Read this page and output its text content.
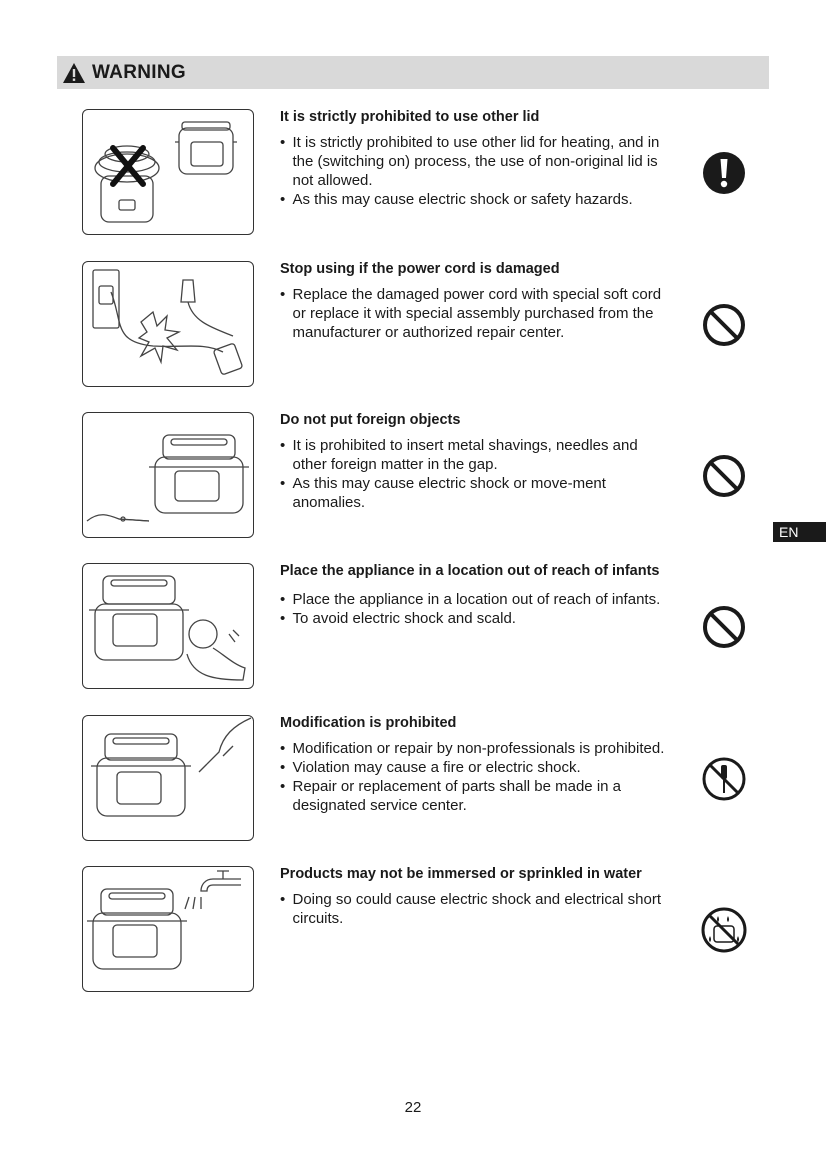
WARNING
EN
It is strictly prohibited to use other lid
• It is strictly prohibited to use other lid for heating, and in the (switching on) process, the use of non-original lid is not allowed.
• As this may cause electric shock or safety hazards.
Stop using if the power cord is damaged
• Replace the damaged power cord with special soft cord or replace it with special assembly purchased from the manufacturer or authorized repair center.
Do not put foreign objects
• It is prohibited to insert metal shavings, needles and other foreign matter in the gap.
• As this may cause electric shock or move-ment anomalies.
Place the appliance in a location out of reach of infants
• Place the appliance in a location out of reach of infants.
• To avoid electric shock and scald.
Modification is prohibited
• Modification or repair by non-professionals is prohibited.
• Violation may cause a fire or electric shock.
• Repair or replacement of parts shall be made in a designated service center.
Products may not be immersed or sprinkled in water
• Doing so could cause electric shock and electrical short circuits.
22
